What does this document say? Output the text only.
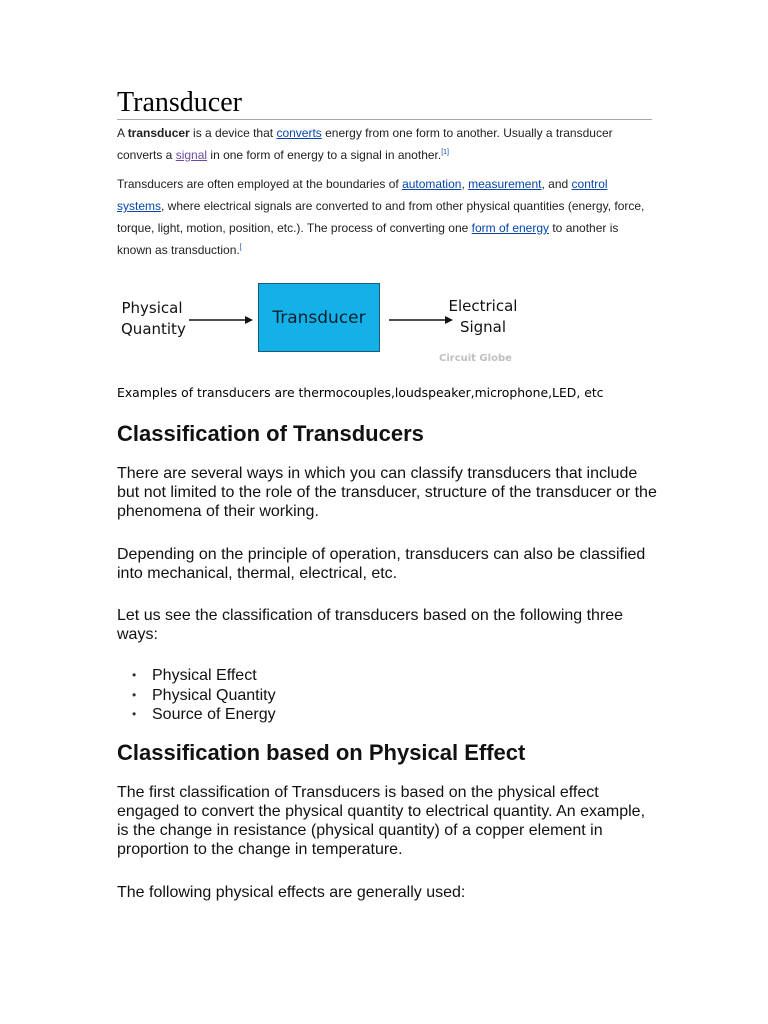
Transducer

A transducer is a device that converts energy from one form to another. Usually a transducer converts a signal in one form of energy to a signal in another.[1]

Transducers are often employed at the boundaries of automation, measurement, and control systems, where electrical signals are converted to and from other physical quantities (energy, force, torque, light, motion, position, etc.). The process of converting one form of energy to another is known as transduction.[

Physical Quantity
Transducer
Electrical Signal
Circuit Globe

Examples of transducers are thermocouples,loudspeaker,microphone,LED, etc

Classification of Transducers

There are several ways in which you can classify transducers that include but not limited to the role of the transducer, structure of the transducer or the phenomena of their working.

Depending on the principle of operation, transducers can also be classified into mechanical, thermal, electrical, etc.

Let us see the classification of transducers based on the following three ways:

• Physical Effect
• Physical Quantity
• Source of Energy
Classification based on Physical Effect

The first classification of Transducers is based on the physical effect engaged to convert the physical quantity to electrical quantity. An example, is the change in resistance (physical quantity) of a copper element in proportion to the change in temperature.

The following physical effects are generally used:
